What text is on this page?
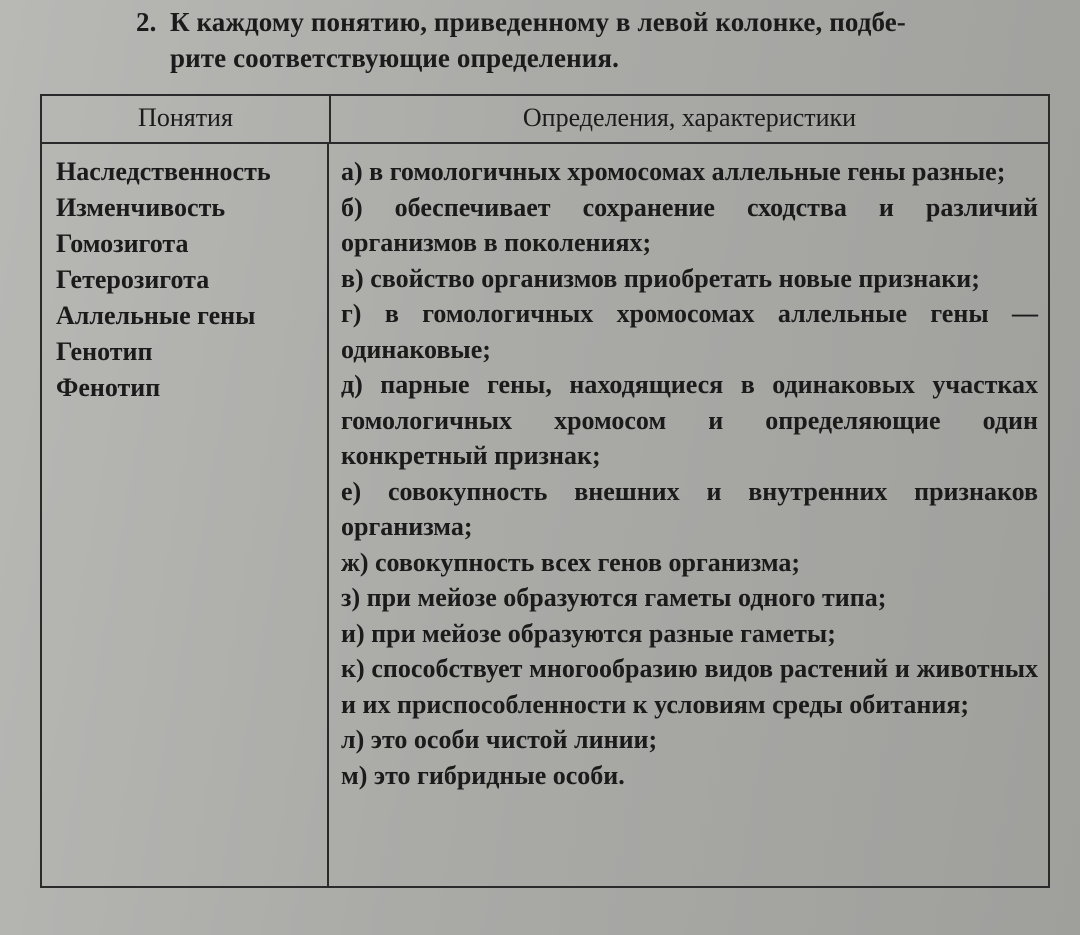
2. К каждому понятию, приведенному в левой колонке, подбе-
рите соответствующие определения.
Понятия	Определения, характеристики
Наследственность
Изменчивость
Гомозигота
Гетерозигота
Аллельные гены
Генотип
Фенотип
а) в гомологичных хромосомах аллельные гены разные;
б) обеспечивает сохранение сходства и различий организмов в поколениях;
в) свойство организмов приобретать новые признаки;
г) в гомологичных хромосомах аллельные гены — одинаковые;
д) парные гены, находящиеся в одинаковых участках гомологичных хромосом и определяющие один конкретный признак;
е) совокупность внешних и внутренних признаков организма;
ж) совокупность всех генов организма;
з) при мейозе образуются гаметы одного типа;
и) при мейозе образуются разные гаметы;
к) способствует многообразию видов растений и животных и их приспособленности к условиям среды обитания;
л) это особи чистой линии;
м) это гибридные особи.
